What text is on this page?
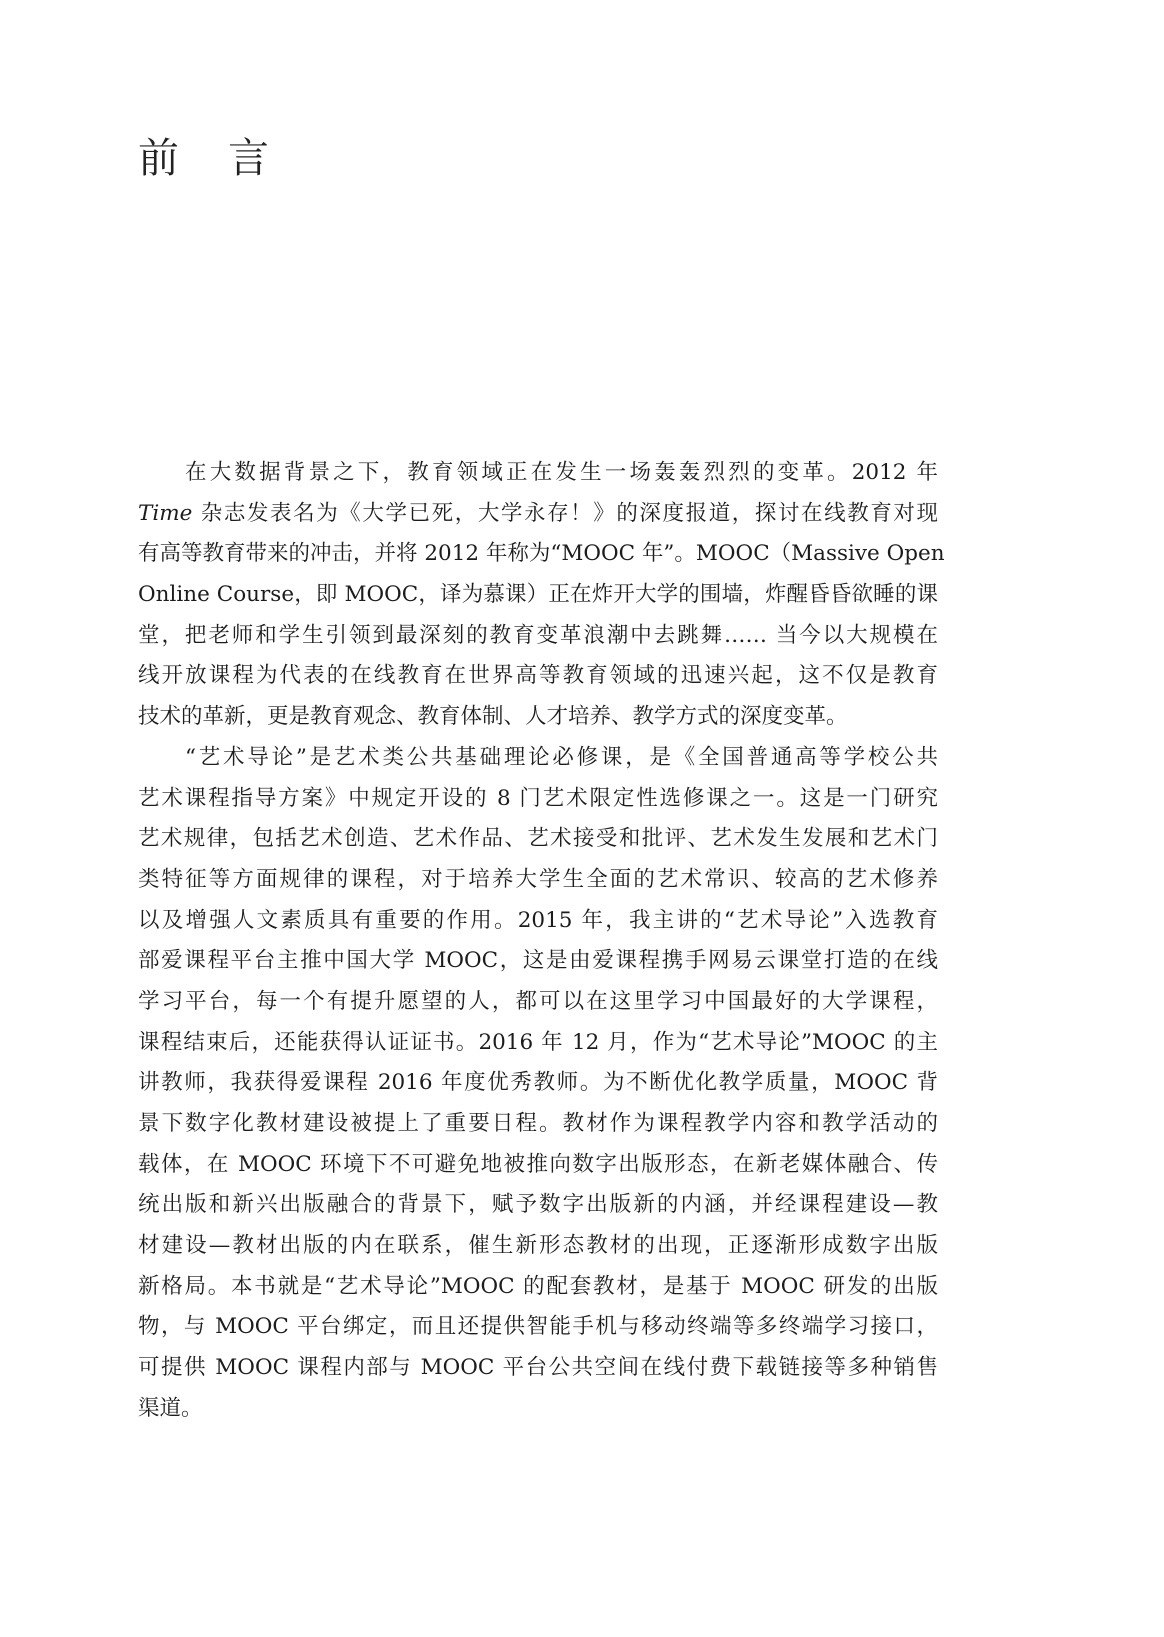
前 言
在大数据背景之下，教育领域正在发生一场轰轰烈烈的变革。2012 年
Time 杂志发表名为《大学已死，大学永存！》的深度报道，探讨在线教育对现
有高等教育带来的冲击，并将 2012 年称为“MOOC 年”。MOOC（Massive Open
Online Course，即 MOOC，译为慕课）正在炸开大学的围墙，炸醒昏昏欲睡的课
堂，把老师和学生引领到最深刻的教育变革浪潮中去跳舞…… 当今以大规模在
线开放课程为代表的在线教育在世界高等教育领域的迅速兴起，这不仅是教育
技术的革新，更是教育观念、教育体制、人才培养、教学方式的深度变革。
“艺术导论”是艺术类公共基础理论必修课，是《全国普通高等学校公共
艺术课程指导方案》中规定开设的 8 门艺术限定性选修课之一。这是一门研究
艺术规律，包括艺术创造、艺术作品、艺术接受和批评、艺术发生发展和艺术门
类特征等方面规律的课程，对于培养大学生全面的艺术常识、较高的艺术修养
以及增强人文素质具有重要的作用。2015 年，我主讲的“艺术导论”入选教育
部爱课程平台主推中国大学 MOOC，这是由爱课程携手网易云课堂打造的在线
学习平台，每一个有提升愿望的人，都可以在这里学习中国最好的大学课程，
课程结束后，还能获得认证证书。2016 年 12 月，作为“艺术导论”MOOC 的主
讲教师，我获得爱课程 2016 年度优秀教师。为不断优化教学质量，MOOC 背
景下数字化教材建设被提上了重要日程。教材作为课程教学内容和教学活动的
载体，在 MOOC 环境下不可避免地被推向数字出版形态，在新老媒体融合、传
统出版和新兴出版融合的背景下，赋予数字出版新的内涵，并经课程建设—教
材建设—教材出版的内在联系，催生新形态教材的出现，正逐渐形成数字出版
新格局。本书就是“艺术导论”MOOC 的配套教材，是基于 MOOC 研发的出版
物，与 MOOC 平台绑定，而且还提供智能手机与移动终端等多终端学习接口，
可提供 MOOC 课程内部与 MOOC 平台公共空间在线付费下载链接等多种销售
渠道。
